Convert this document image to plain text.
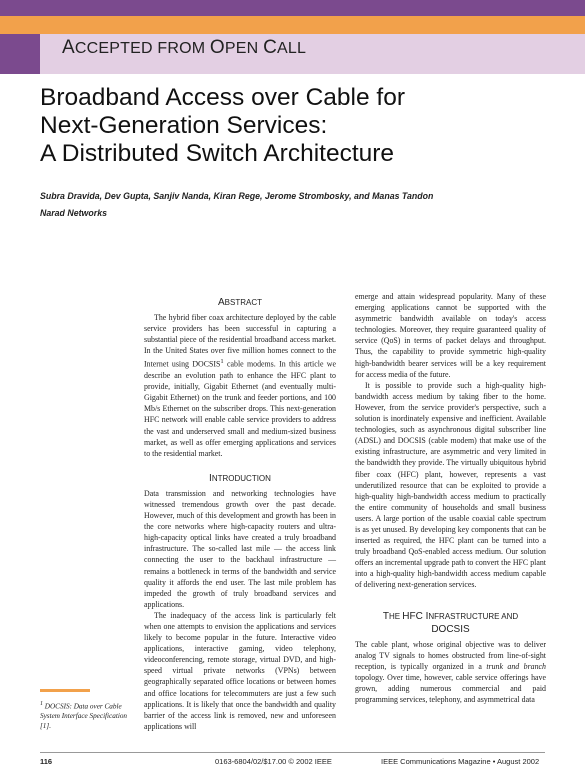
ACCEPTED FROM OPEN CALL
Broadband Access over Cable for
Next-Generation Services:
A Distributed Switch Architecture
Subra Dravida, Dev Gupta, Sanjiv Nanda, Kiran Rege, Jerome Strombosky, and Manas Tandon
Narad Networks
ABSTRACT

The hybrid fiber coax architecture deployed by the cable service providers has been successful in capturing a substantial piece of the residential broadband access market. In the United States over five million homes connect to the Internet using DOCSIS$^1$ cable modems. In this article we describe an evolution path to enhance the HFC plant to provide, initially, Gigabit Ethernet (and eventually multi-Gigabit Ethernet) on the trunk and feeder portions, and 100 Mb/s Ethernet on the subscriber drops. This next-generation HFC network will enable cable service providers to address the vast and underserved small and medium-sized business market, as well as offer emerging applications and services to the residential market.

INTRODUCTION

Data transmission and networking technologies have witnessed tremendous growth over the past decade. However, much of this development and growth has been in the core networks where high-capacity routers and ultra-high-capacity optical links have created a truly broadband infrastructure. The so-called last mile — the access link connecting the user to the backhaul infrastructure — remains a bottleneck in terms of the bandwidth and service quality it affords the end user. The last mile problem has impeded the growth of truly broadband services and applications.

The inadequacy of the access link is particularly felt when one attempts to envision the applications and services likely to become popular in the future. Interactive video applications, interactive gaming, video telephony, videoconferencing, remote storage, virtual DVD, and high-speed virtual private networks (VPNs) between geographically separated office locations or between homes and office locations for telecommuters are just a few such applications. It is likely that once the bandwidth and quality barrier of the access link is removed, new and unforeseen applications will

emerge and attain widespread popularity. Many of these emerging applications cannot be supported with the asymmetric bandwidth available on today's access technologies. Moreover, they require guaranteed quality of service (QoS) in terms of packet delays and throughput. Thus, the capability to provide symmetric high-quality high-bandwidth bearer services will be a key requirement for access media of the future.

It is possible to provide such a high-quality high-bandwidth access medium by taking fiber to the home. However, from the service provider's perspective, such a solution is inordinately expensive and inefficient. Available technologies, such as asynchronous digital subscriber line (ADSL) and DOCSIS (cable modem) that make use of the existing infrastructure, are asymmetric and very limited in the bandwidth they provide. The virtually ubiquitous hybrid fiber coax (HFC) plant, however, represents a vast underutilized resource that can be exploited to provide a high-quality high-bandwidth access medium to practically the entire community of households and small business users. A large portion of the usable coaxial cable spectrum is as yet unused. By developing key components that can be inserted as required, the HFC plant can be turned into a truly broadband QoS-enabled access medium. Our solution offers an incremental upgrade path to convert the HFC plant into a high-quality high-bandwidth access medium capable of delivering next-generation services.

THE HFC INFRASTRUCTURE AND
DOCSIS

The cable plant, whose original objective was to deliver analog TV signals to homes obstructed from line-of-sight reception, is typically organized in a trunk and branch topology. Over time, however, cable service offerings have grown, adding numerous commercial and paid programming services, telephony, and asymmetrical data

$^1$ DOCSIS: Data over Cable System Interface Specification [1].
116	0163-6804/02/$17.00 © 2002 IEEE	IEEE Communications Magazine • August 2002
